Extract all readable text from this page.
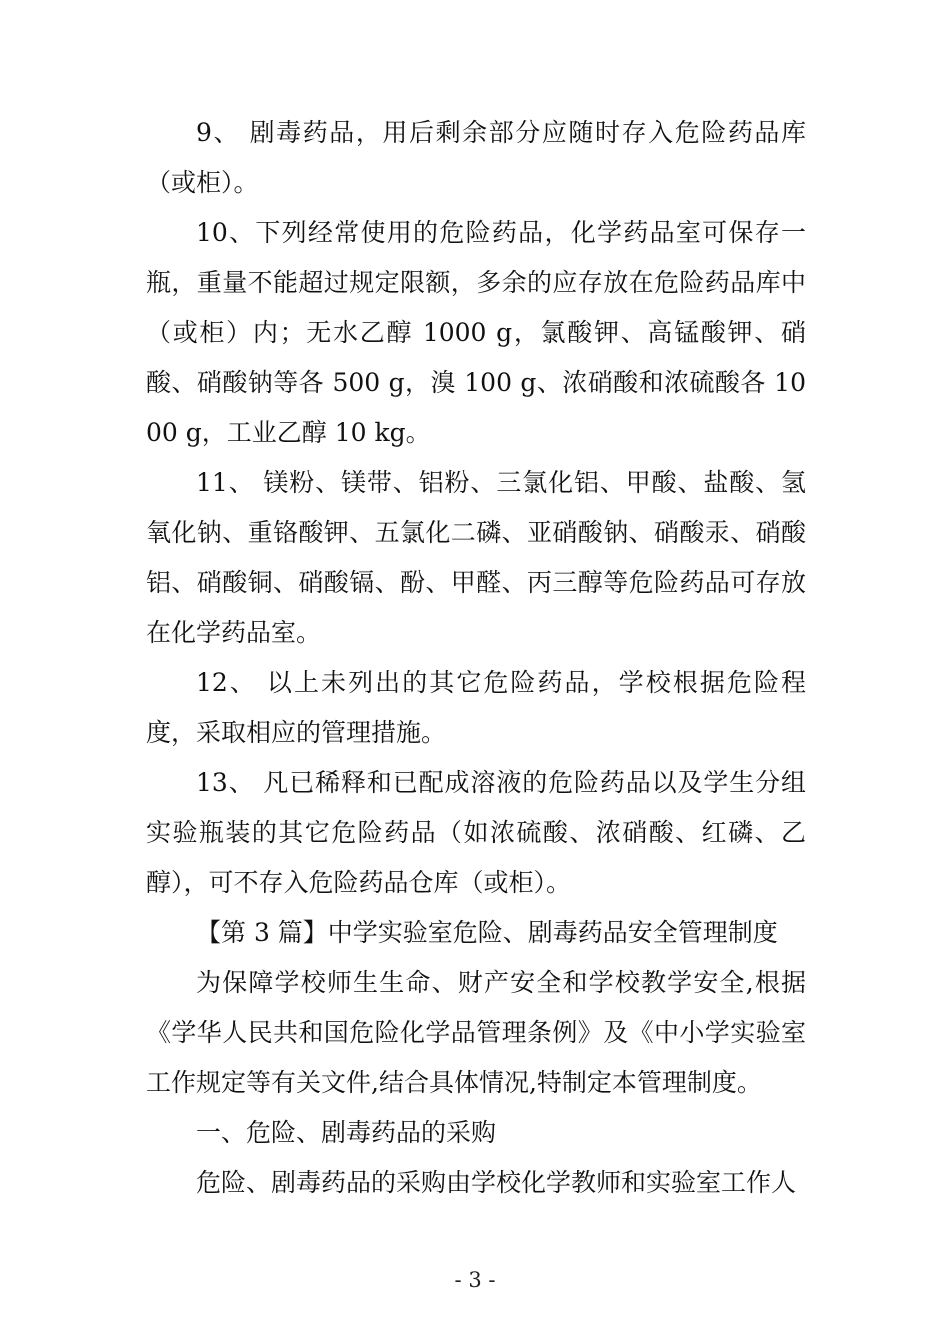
9、 剧毒药品，用后剩余部分应随时存入危险药品库（或柜）。

10、下列经常使用的危险药品，化学药品室可保存一瓶，重量不能超过规定限额，多余的应存放在危险药品库中（或柜）内；无水乙醇 1000 g，氯酸钾、高锰酸钾、硝酸、硝酸钠等各 500 g，溴 100 g、浓硝酸和浓硫酸各 1000 g，工业乙醇 10 kg。

11、 镁粉、镁带、铝粉、三氯化铝、甲酸、盐酸、氢氧化钠、重铬酸钾、五氯化二磷、亚硝酸钠、硝酸汞、硝酸铝、硝酸铜、硝酸镉、酚、甲醛、丙三醇等危险药品可存放在化学药品室。

12、 以上未列出的其它危险药品，学校根据危险程度，采取相应的管理措施。

13、 凡已稀释和已配成溶液的危险药品以及学生分组实验瓶装的其它危险药品（如浓硫酸、浓硝酸、红磷、乙醇），可不存入危险药品仓库（或柜）。

【第 3 篇】中学实验室危险、剧毒药品安全管理制度

为保障学校师生生命、财产安全和学校教学安全,根据《学华人民共和国危险化学品管理条例》及《中小学实验室工作规定等有关文件,结合具体情况,特制定本管理制度。

一、危险、剧毒药品的采购

危险、剧毒药品的采购由学校化学教师和实验室工作人

- 3 -
